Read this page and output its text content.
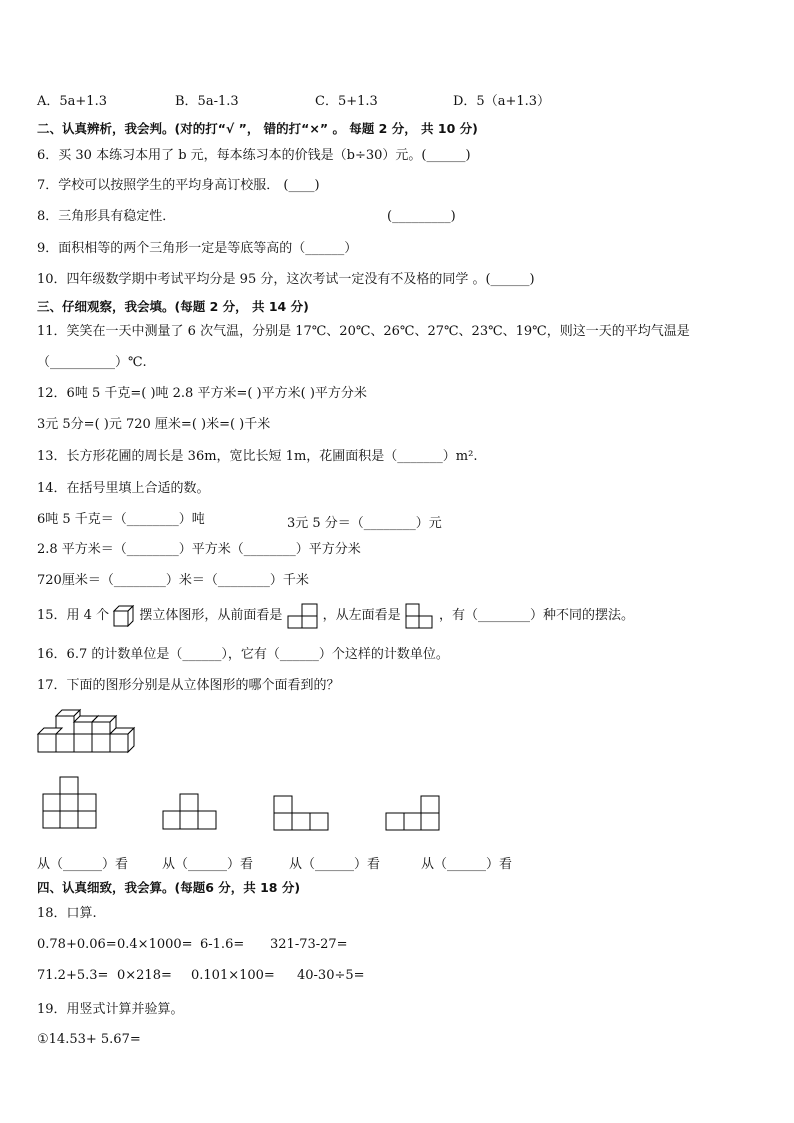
A．5a+1.3	B．5a-1.3	C．5+1.3	D．5（a+1.3）
二、认真辨析，我会判。(对的打“√ ”， 错的打“×” 。 每题 2 分， 共 10 分)
6．买 30 本练习本用了 b 元，每本练习本的价钱是（b÷30）元。(______)
7．学校可以按照学生的平均身高订校服． (____)
8．三角形具有稳定性．	(_________)
9．面积相等的两个三角形一定是等底等高的（______）
10．四年级数学期中考试平均分是 95 分，这次考试一定没有不及格的同学 。(______)
三、仔细观察，我会填。(每题 2 分， 共 14 分)
11．笑笑在一天中测量了 6 次气温，分别是 17℃、20℃、26℃、27℃、23℃、19℃，则这一天的平均气温是
（__________）℃.
12．6吨 5 千克=( )吨 2.8 平方米=( )平方米( )平方分米
3元 5分=( )元 720 厘米=( )米=( )千米
13．长方形花圃的周长是 36m，宽比长短 1m，花圃面积是（_______）m².
14．在括号里填上合适的数。
6吨 5 千克＝（________）吨	3元 5 分＝（________）元
2.8 平方米＝（________）平方米（________）平方分米
720厘米＝（________）米＝（________）千米
15．用 4 个 摆立体图形，从前面看是	，从左面看是	，有（________）种不同的摆法。
16．6.7 的计数单位是（______），它有（______）个这样的计数单位。
17．下面的图形分别是从立体图形的哪个面看到的？
从（______）看	从（______）看	从（______）看	从（______）看
四、认真细致，我会算。(每题6 分，共 18 分)
18．口算.
0.78+0.06= 0.4×1000= 6-1.6= 321-73-27=
71.2+5.3= 0×218= 0.101×100= 40-30÷5=
19．用竖式计算并验算。
①14.53+ 5.67=
